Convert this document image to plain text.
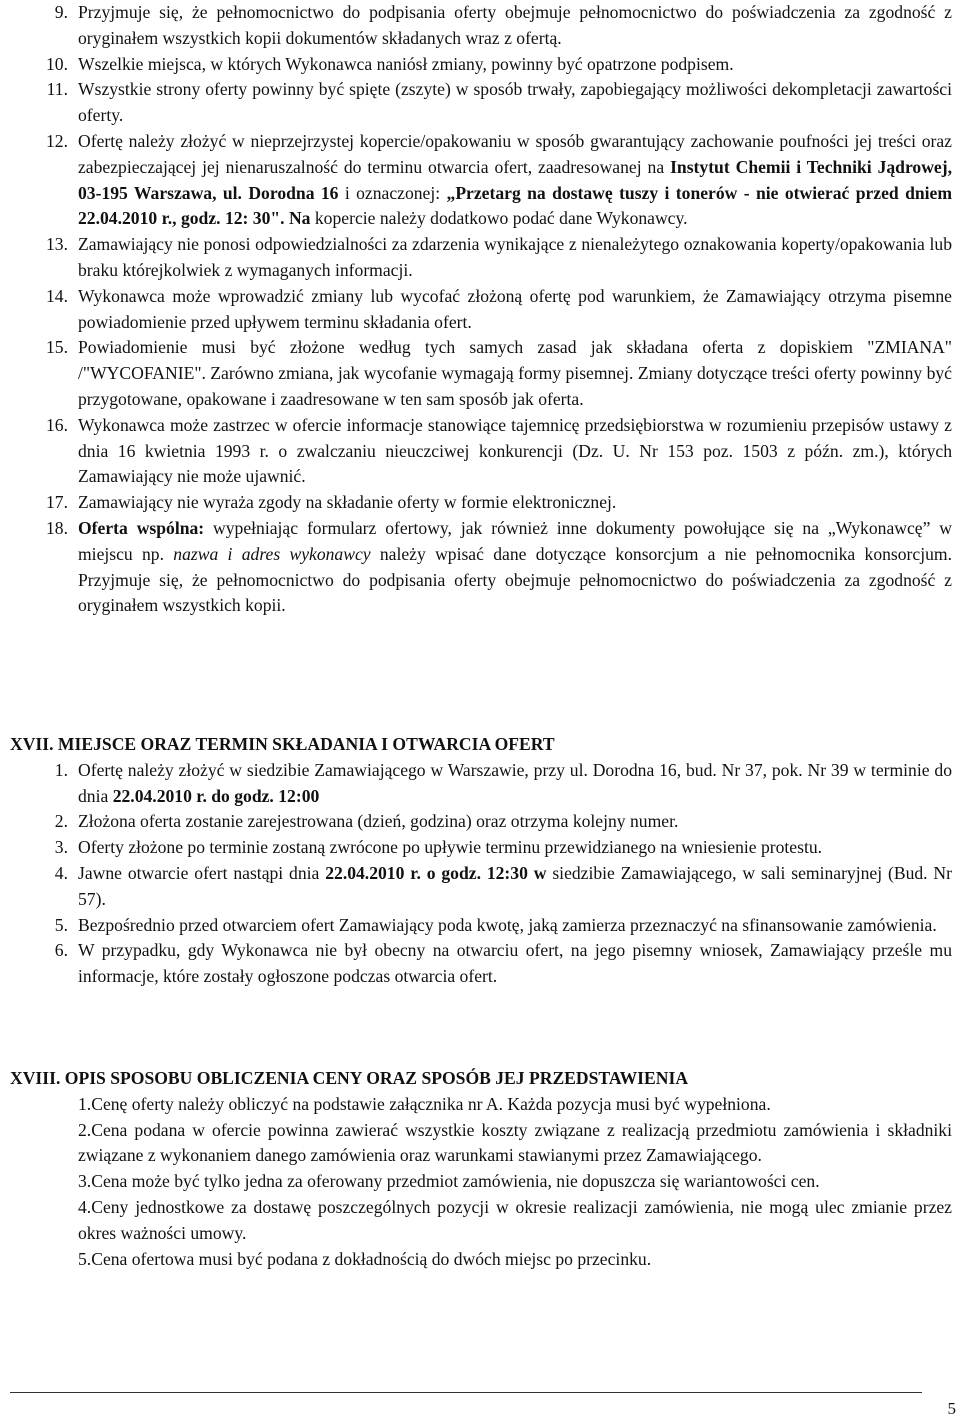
9. Przyjmuje się, że pełnomocnictwo do podpisania oferty obejmuje pełnomocnictwo do poświadczenia za zgodność z oryginałem wszystkich kopii dokumentów składanych wraz z ofertą.
10. Wszelkie miejsca, w których Wykonawca naniósł zmiany, powinny być opatrzone podpisem.
11. Wszystkie strony oferty powinny być spięte (zszyte) w sposób trwały, zapobiegający możliwości dekompletacji zawartości oferty.
12. Ofertę należy złożyć w nieprzejrzystej kopercie/opakowaniu w sposób gwarantujący zachowanie poufności jej treści oraz zabezpieczającej jej nienaruszalność do terminu otwarcia ofert, zaadresowanej na Instytut Chemii i Techniki Jądrowej, 03-195 Warszawa, ul. Dorodna 16 i oznaczonej: „Przetarg na dostawę tuszy i tonerów - nie otwierać przed dniem 22.04.2010 r., godz. 12: 30". Na kopercie należy dodatkowo podać dane Wykonawcy.
13. Zamawiający nie ponosi odpowiedzialności za zdarzenia wynikające z nienależytego oznakowania koperty/opakowania lub braku którejkolwiek z wymaganych informacji.
14. Wykonawca może wprowadzić zmiany lub wycofać złożoną ofertę pod warunkiem, że Zamawiający otrzyma pisemne powiadomienie przed upływem terminu składania ofert.
15. Powiadomienie musi być złożone według tych samych zasad jak składana oferta z dopiskiem "ZMIANA" /"WYCOFANIE". Zarówno zmiana, jak wycofanie wymagają formy pisemnej. Zmiany dotyczące treści oferty powinny być przygotowane, opakowane i zaadresowane w ten sam sposób jak oferta.
16. Wykonawca może zastrzec w ofercie informacje stanowiące tajemnicę przedsiębiorstwa w rozumieniu przepisów ustawy z dnia 16 kwietnia 1993 r. o zwalczaniu nieuczciwej konkurencji (Dz. U. Nr 153 poz. 1503 z późn. zm.), których Zamawiający nie może ujawnić.
17. Zamawiający nie wyraża zgody na składanie oferty w formie elektronicznej.
18. Oferta wspólna: wypełniając formularz ofertowy, jak również inne dokumenty powołujące się na „Wykonawcę” w miejscu np. nazwa i adres wykonawcy należy wpisać dane dotyczące konsorcjum a nie pełnomocnika konsorcjum. Przyjmuje się, że pełnomocnictwo do podpisania oferty obejmuje pełnomocnictwo do poświadczenia za zgodność z oryginałem wszystkich kopii.
XVII. MIEJSCE ORAZ TERMIN SKŁADANIA I OTWARCIA OFERT
1. Ofertę należy złożyć w siedzibie Zamawiającego w Warszawie, przy ul. Dorodna 16, bud. Nr 37, pok. Nr 39 w terminie do dnia 22.04.2010 r. do godz. 12:00
2. Złożona oferta zostanie zarejestrowana (dzień, godzina) oraz otrzyma kolejny numer.
3. Oferty złożone po terminie zostaną zwrócone po upływie terminu przewidzianego na wniesienie protestu.
4. Jawne otwarcie ofert nastąpi dnia 22.04.2010 r. o godz. 12:30 w siedzibie Zamawiającego, w sali seminaryjnej (Bud. Nr 57).
5. Bezpośrednio przed otwarciem ofert Zamawiający poda kwotę, jaką zamierza przeznaczyć na sfinansowanie zamówienia.
6. W przypadku, gdy Wykonawca nie był obecny na otwarciu ofert, na jego pisemny wniosek, Zamawiający prześle mu informacje, które zostały ogłoszone podczas otwarcia ofert.
XVIII. OPIS SPOSOBU OBLICZENIA CENY ORAZ SPOSÓB JEJ PRZEDSTAWIENIA
1.Cenę oferty należy obliczyć na podstawie załącznika nr A. Każda pozycja musi być wypełniona.
2.Cena podana w ofercie powinna zawierać wszystkie koszty związane z realizacją przedmiotu zamówienia i składniki związane z wykonaniem danego zamówienia oraz warunkami stawianymi przez Zamawiającego.
3.Cena może być tylko jedna za oferowany przedmiot zamówienia, nie dopuszcza się wariantowości cen.
4.Ceny jednostkowe za dostawę poszczególnych pozycji w okresie realizacji zamówienia, nie mogą ulec zmianie przez okres ważności umowy.
5.Cena ofertowa musi być podana z dokładnością do dwóch miejsc po przecinku.
5
